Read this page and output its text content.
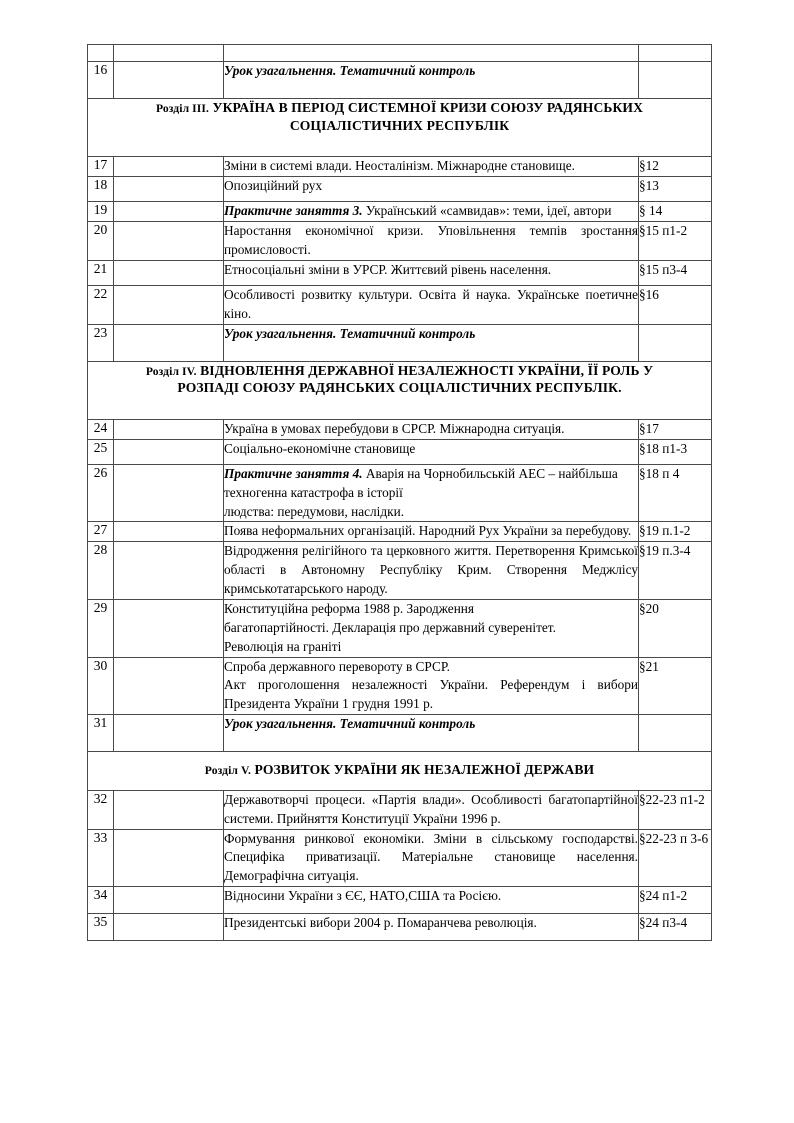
16		Урок узагальнення. Тематичний контроль	
Розділ III. УКРАЇНА В ПЕРІОД СИСТЕМНОЇ КРИЗИ СОЮЗУ РАДЯНСЬКИХ
СОЦІАЛІСТИЧНИХ РЕСПУБЛІК			
17		Зміни в системі влади. Неосталінізм. Міжнародне становище.	§12
18		Опозиційний рух	§13
19		Практичне заняття 3. Український «самвидав»: теми, ідеї, автори	§ 14
20		Наростання економічної кризи. Уповільнення темпів зростання промисловості.	§15 п1-2
21		Етносоціальні зміни в УРСР. Життєвий рівень населення.	§15 п3-4
22		Особливості розвитку культури. Освіта й наука. Українське поетичне кіно.	§16
23		Урок узагальнення. Тематичний контроль	
Розділ IV. ВІДНОВЛЕННЯ ДЕРЖАВНОЇ НЕЗАЛЕЖНОСТІ УКРАЇНИ, ЇЇ РОЛЬ У
РОЗПАДІ СОЮЗУ РАДЯНСЬКИХ СОЦІАЛІСТИЧНИХ РЕСПУБЛІК.			
24		Україна в умовах перебудови в СРСР. Міжнародна ситуація.	§17
25		Соціально-економічне становище	§18 п1-3
26		Практичне заняття 4. Аварія на Чорнобильській АЕС – найбільша техногенна катастрофа в історії
людства: передумови, наслідки.	§18 п 4
27		Поява неформальних організацій. Народний Рух України за перебудову.	§19 п.1-2
28		Відродження релігійного та церковного життя. Перетворення Кримської області в Автономну Республіку Крим. Створення Меджлісу кримськотатарського народу.	§19 п.3-4
29		Конституційна реформа 1988 р. Зародження
багатопартійності. Декларація про державний суверенітет.
Революція на граніті	§20
30		Спроба державного перевороту в СРСР.
Акт проголошення незалежності України. Референдум і вибори Президента України 1 грудня 1991 р.	§21
31		Урок узагальнення. Тематичний контроль	
Розділ V. РОЗВИТОК УКРАЇНИ ЯК НЕЗАЛЕЖНОЇ ДЕРЖАВИ			
32		Державотворчі процеси. «Партія влади». Особливості багатопартійної системи. Прийняття Конституції України 1996 р.	§22-23 п1-2
33		Формування ринкової економіки. Зміни в сільському господарстві. Специфіка приватизації. Матеріальне становище населення. Демографічна ситуація.	§22-23 п 3-6
34		Відносини України з ЄЄ, НАТО,США та Росією.	§24 п1-2
35		Президентські вибори 2004 р. Помаранчева революція.	§24 п3-4
